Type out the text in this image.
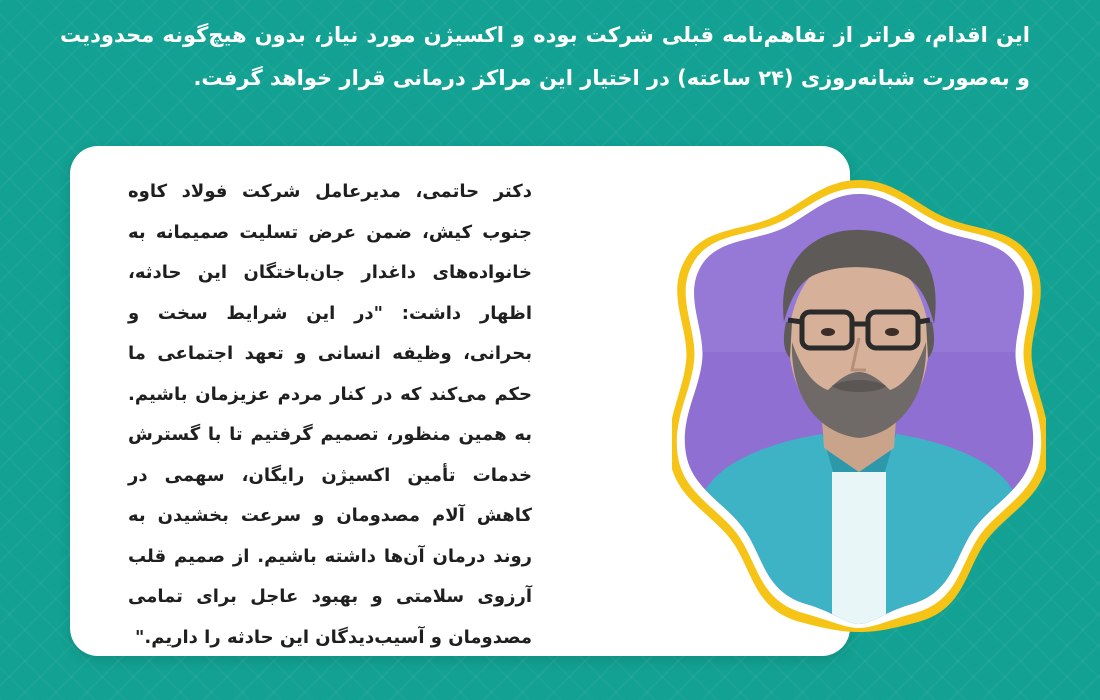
این اقدام، فراتر از تفاهم‌نامه قبلی شرکت بوده و اکسیژن مورد نیاز، بدون هیچ‌گونه محدودیت و به‌صورت شبانه‌روزی (۲۴ ساعته) در اختیار این مراکز درمانی قرار خواهد گرفت.
دکتر حاتمی، مدیرعامل شرکت فولاد کاوه جنوب کیش، ضمن عرض تسلیت صمیمانه به خانواده‌های داغدار جان‌باختگان این حادثه، اظهار داشت: "در این شرایط سخت و بحرانی، وظیفه انسانی و تعهد اجتماعی ما حکم می‌کند که در کنار مردم عزیزمان باشیم. به همین منظور، تصمیم گرفتیم تا با گسترش خدمات تأمین اکسیژن رایگان، سهمی در کاهش آلام مصدومان و سرعت بخشیدن به روند درمان آن‌ها داشته باشیم. از صمیم قلب آرزوی سلامتی و بهبود عاجل برای تمامی مصدومان و آسیب‌دیدگان این حادثه را داریم."
